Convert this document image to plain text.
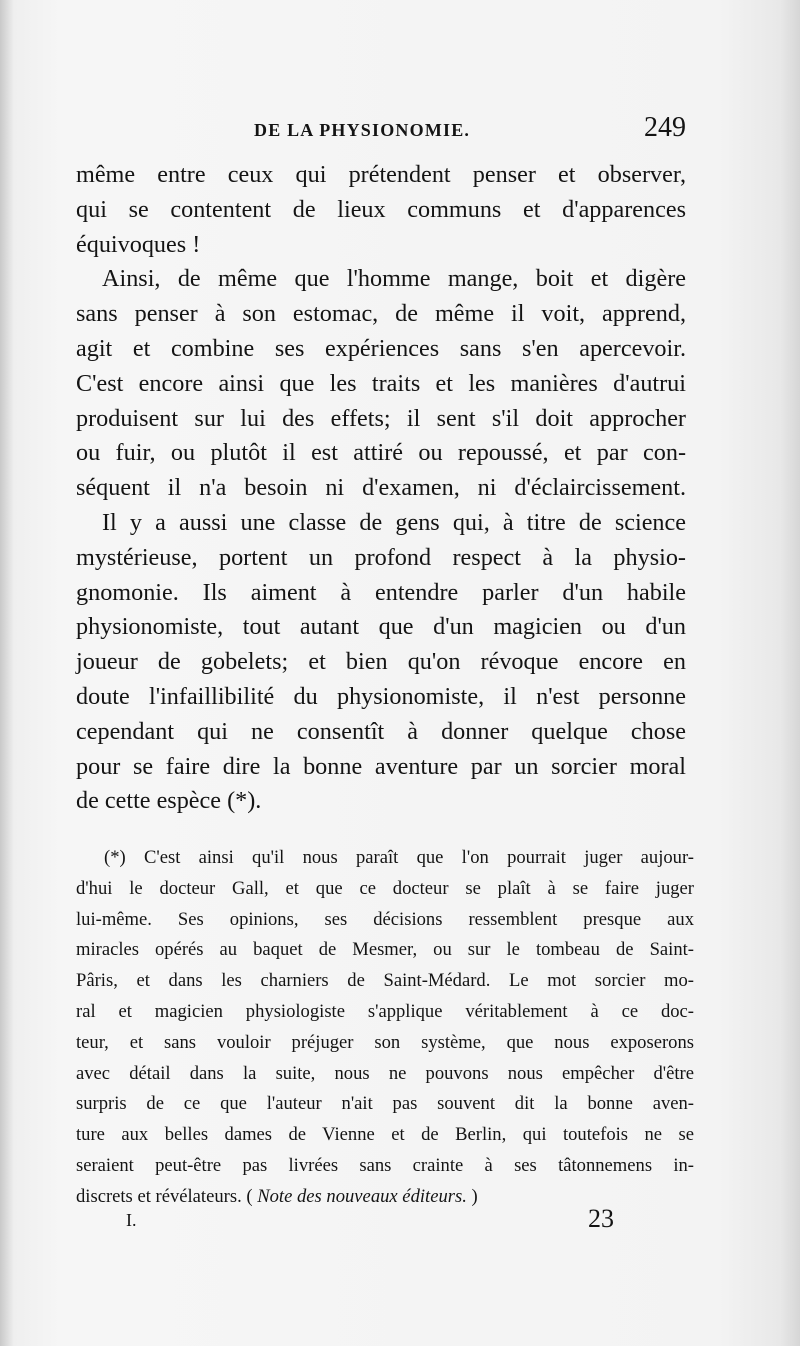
DE LA PHYSIONOMIE.	249
même entre ceux qui prétendent penser et observer,
qui se contentent de lieux communs et d'apparences
équivoques !
Ainsi, de même que l'homme mange, boit et digère
sans penser à son estomac, de même il voit, apprend,
agit et combine ses expériences sans s'en apercevoir.
C'est encore ainsi que les traits et les manières d'autrui
produisent sur lui des effets; il sent s'il doit approcher
ou fuir, ou plutôt il est attiré ou repoussé, et par con-
séquent il n'a besoin ni d'examen, ni d'éclaircissement.
Il y a aussi une classe de gens qui, à titre de science
mystérieuse, portent un profond respect à la physio-
gnomonie. Ils aiment à entendre parler d'un habile
physionomiste, tout autant que d'un magicien ou d'un
joueur de gobelets; et bien qu'on révoque encore en
doute l'infaillibilité du physionomiste, il n'est personne
cependant qui ne consentît à donner quelque chose
pour se faire dire la bonne aventure par un sorcier moral
de cette espèce (*).
(*) C'est ainsi qu'il nous paraît que l'on pourrait juger aujour-
d'hui le docteur Gall, et que ce docteur se plaît à se faire juger
lui-même. Ses opinions, ses décisions ressemblent presque aux
miracles opérés au baquet de Mesmer, ou sur le tombeau de Saint-
Pâris, et dans les charniers de Saint-Médard. Le mot sorcier mo-
ral et magicien physiologiste s'applique véritablement à ce doc-
teur, et sans vouloir préjuger son système, que nous exposerons
avec détail dans la suite, nous ne pouvons nous empêcher d'être
surpris de ce que l'auteur n'ait pas souvent dit la bonne aven-
ture aux belles dames de Vienne et de Berlin, qui toutefois ne se
seraient peut-être pas livrées sans crainte à ses tâtonnemens in-
discrets et révélateurs. ( Note des nouveaux éditeurs. )
I.	23
